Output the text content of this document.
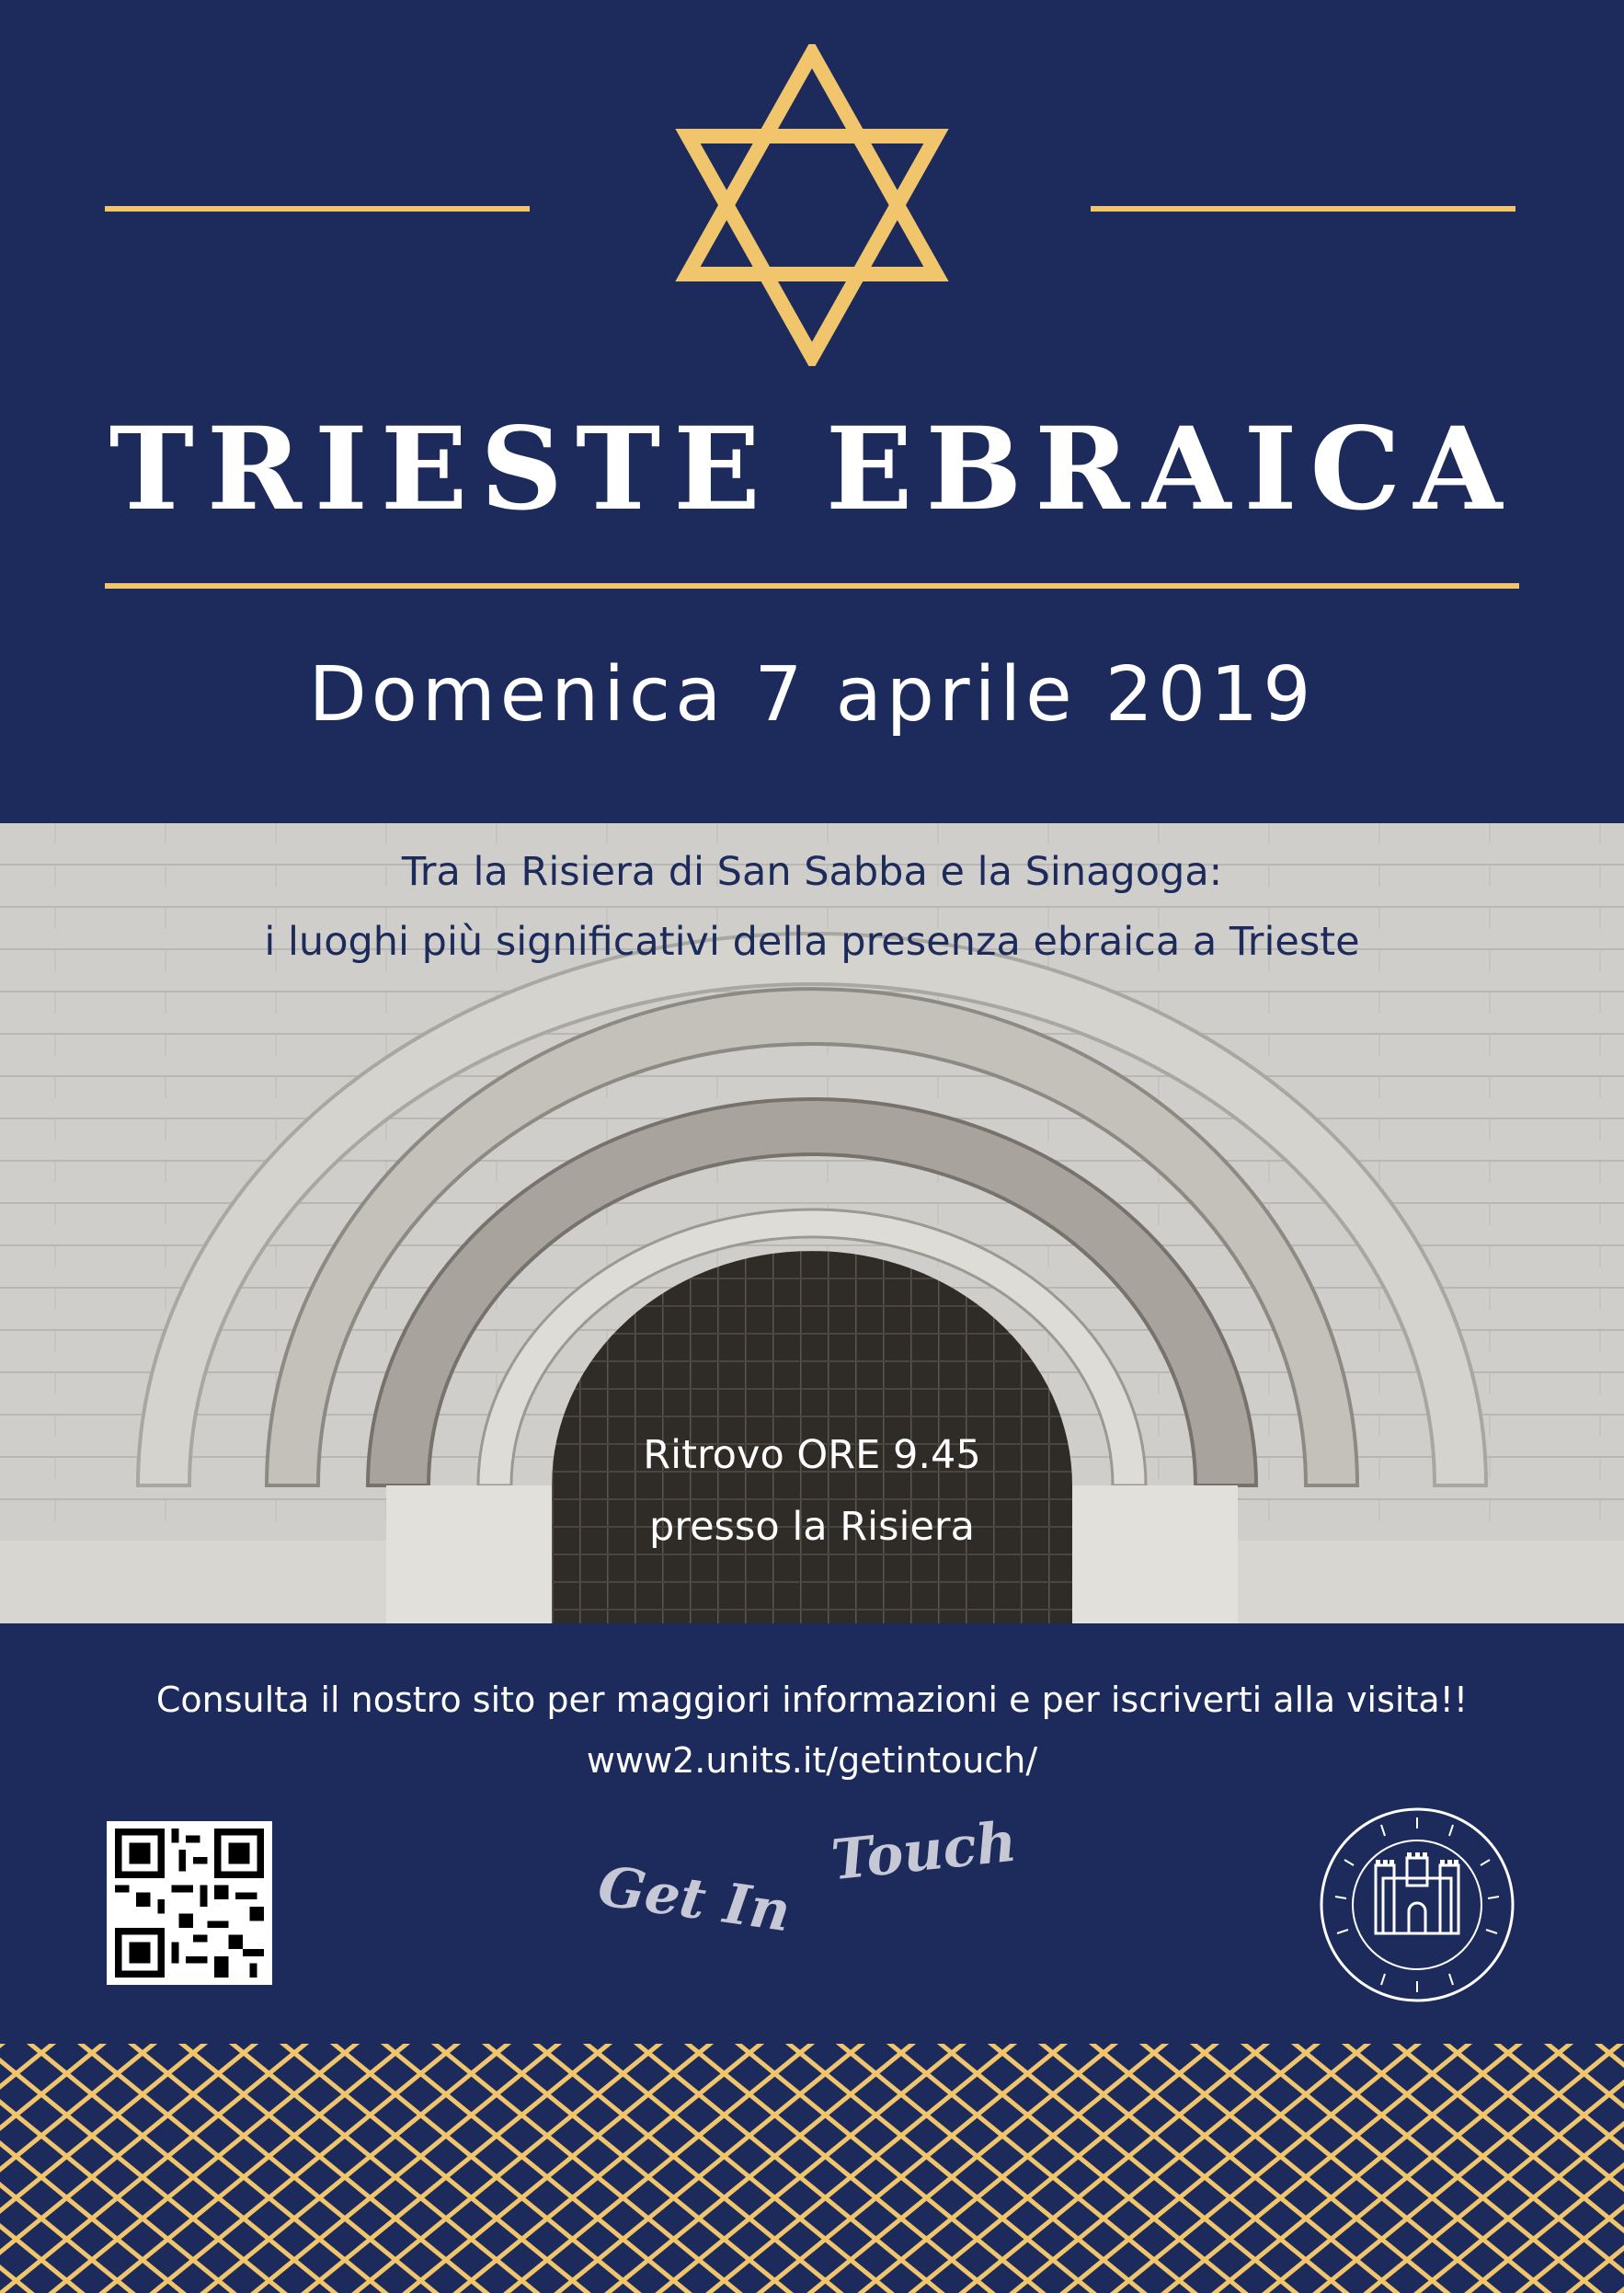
TRIESTE EBRAICA
Domenica 7 aprile 2019
Tra la Risiera di San Sabba e la Sinagoga:
i luoghi più significativi della presenza ebraica a Trieste
Ritrovo ORE 9.45
presso la Risiera
Consulta il nostro sito per maggiori informazioni e per iscriverti alla visita!!
www2.units.it/getintouch/
Get In
Touch
